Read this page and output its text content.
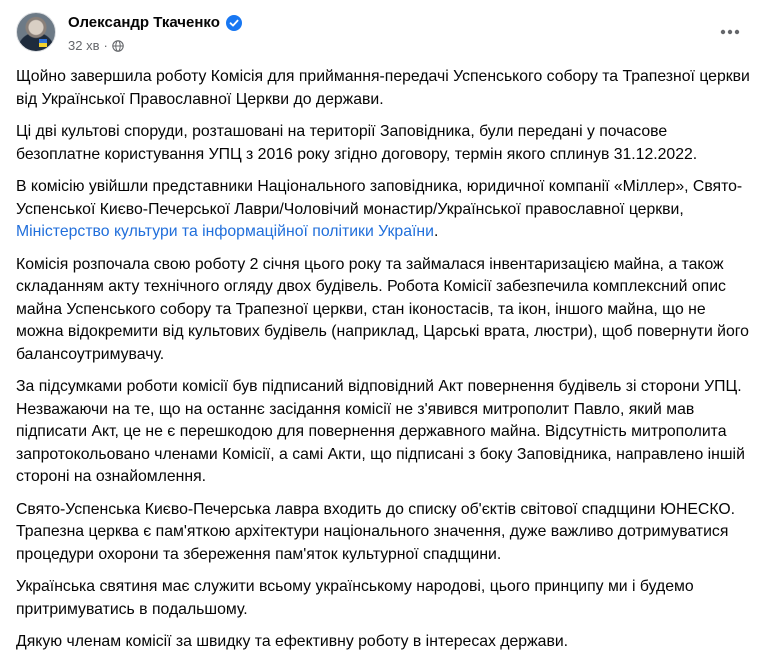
Олександр Ткаченко
32 хв ·

Щойно завершила роботу Комісія для приймання-передачі Успенського собору та Трапезної церкви від Української Православної Церкви до держави.

Ці дві культові споруди, розташовані на території Заповідника, були передані у почасове безоплатне користування УПЦ з 2016 року згідно договору, термін якого сплинув 31.12.2022.

В комісію увійшли представники Національного заповідника, юридичної компанії «Міллер», Свято-Успенської Києво-Печерської Лаври/Чоловічий монастир/Української православної церкви, Міністерство культури та інформаційної політики України.

Комісія розпочала свою роботу 2 січня цього року та займалася інвентаризацією майна, а також складанням акту технічного огляду двох будівель. Робота Комісії забезпечила комплексний опис майна Успенського собору та Трапезної церкви, стан іконостасів, та ікон, іншого майна, що не можна відокремити від культових будівель (наприклад, Царські врата, люстри), щоб повернути його балансоутримувачу.

За підсумками роботи комісії був підписаний відповідний Акт повернення будівель зі сторони УПЦ. Незважаючи на те, що на останнє засідання комісії не з'явився митрополит Павло, який мав підписати Акт, це не є перешкодою для повернення державного майна. Відсутність митрополита запротокольовано членами Комісії, а самі Акти, що підписані з боку Заповідника, направлено іншій стороні на ознайомлення.

Свято-Успенська Києво-Печерська лавра входить до списку об'єктів світової спадщини ЮНЕСКО. Трапезна церква є пам'яткою архітектури національного значення, дуже важливо дотримуватися процедури охорони та збереження пам'яток культурної спадщини.

Українська святиня має служити всьому українському народові, цього принципу ми і будемо притримуватись в подальшому.

Дякую членам комісії за швидку та ефективну роботу в інтересах держави.
